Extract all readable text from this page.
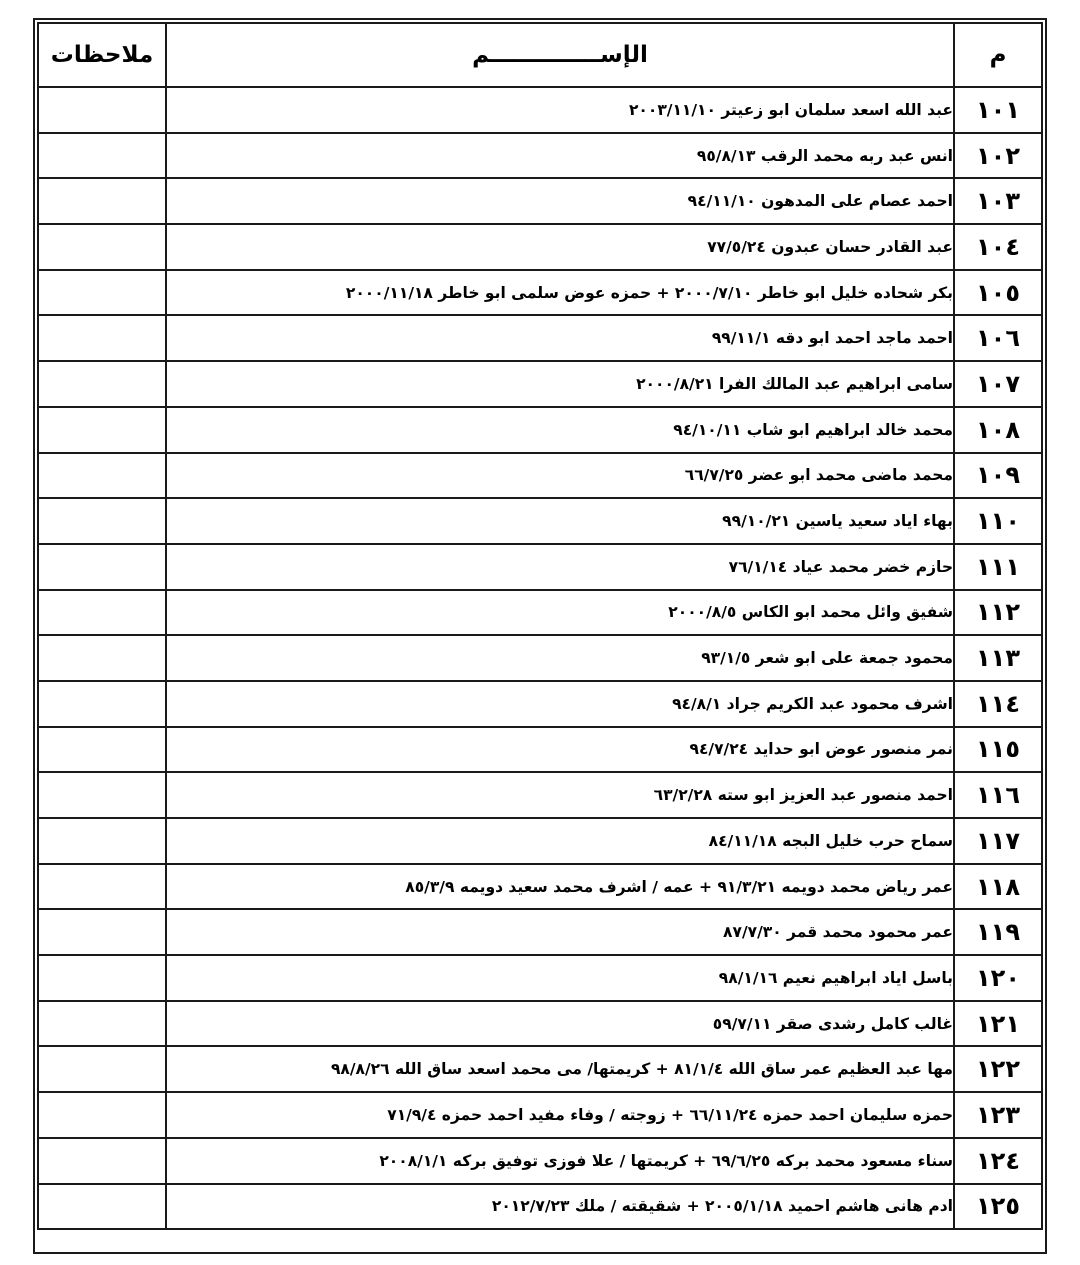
م	الإســــــــــــــم	ملاحظات
١٠١	عبد الله اسعد سلمان ابو زعيتر ٢٠٠٣/١١/١٠	
١٠٢	انس عبد ربه محمد الرقب ٩٥/٨/١٣	
١٠٣	احمد عصام على المدهون ٩٤/١١/١٠	
١٠٤	عبد القادر حسان عبدون ٧٧/٥/٢٤	
١٠٥	بكر شحاده خليل ابو خاطر ٢٠٠٠/٧/١٠ + حمزه عوض سلمى ابو خاطر ٢٠٠٠/١١/١٨	
١٠٦	احمد ماجد احمد ابو دقه ٩٩/١١/١	
١٠٧	سامى ابراهيم عبد المالك الفرا ٢٠٠٠/٨/٢١	
١٠٨	محمد خالد ابراهيم ابو شاب ٩٤/١٠/١١	
١٠٩	محمد ماضى محمد ابو عضر ٦٦/٧/٢٥	
١١٠	بهاء اياد سعيد ياسين ٩٩/١٠/٢١	
١١١	حازم خضر محمد عياد ٧٦/١/١٤	
١١٢	شفيق وائل محمد ابو الكاس ٢٠٠٠/٨/٥	
١١٣	محمود جمعة على ابو شعر ٩٣/١/٥	
١١٤	اشرف محمود عبد الكريم جراد ٩٤/٨/١	
١١٥	نمر منصور عوض ابو حدايد ٩٤/٧/٢٤	
١١٦	احمد منصور عبد العزيز ابو سته ٦٣/٢/٢٨	
١١٧	سماح حرب خليل البجه ٨٤/١١/١٨	
١١٨	عمر رياض محمد دويمه ٩١/٣/٢١ + عمه / اشرف محمد سعيد دويمه ٨٥/٣/٩	
١١٩	عمر محمود محمد قمر ٨٧/٧/٣٠	
١٢٠	باسل اياد ابراهيم نعيم ٩٨/١/١٦	
١٢١	غالب كامل رشدى صقر ٥٩/٧/١١	
١٢٢	مها عبد العظيم عمر ساق الله ٨١/١/٤ + كريمتها/ مى محمد اسعد ساق الله ٩٨/٨/٢٦	
١٢٣	حمزه سليمان احمد حمزه ٦٦/١١/٢٤ + زوجته / وفاء مفيد احمد حمزه ٧١/٩/٤	
١٢٤	سناء مسعود محمد بركه ٦٩/٦/٢٥ + كريمتها / علا فوزى توفيق بركه ٢٠٠٨/١/١	
١٢٥	ادم هانى هاشم احميد ٢٠٠٥/١/١٨ + شقيقته / ملك ٢٠١٢/٧/٢٣	
